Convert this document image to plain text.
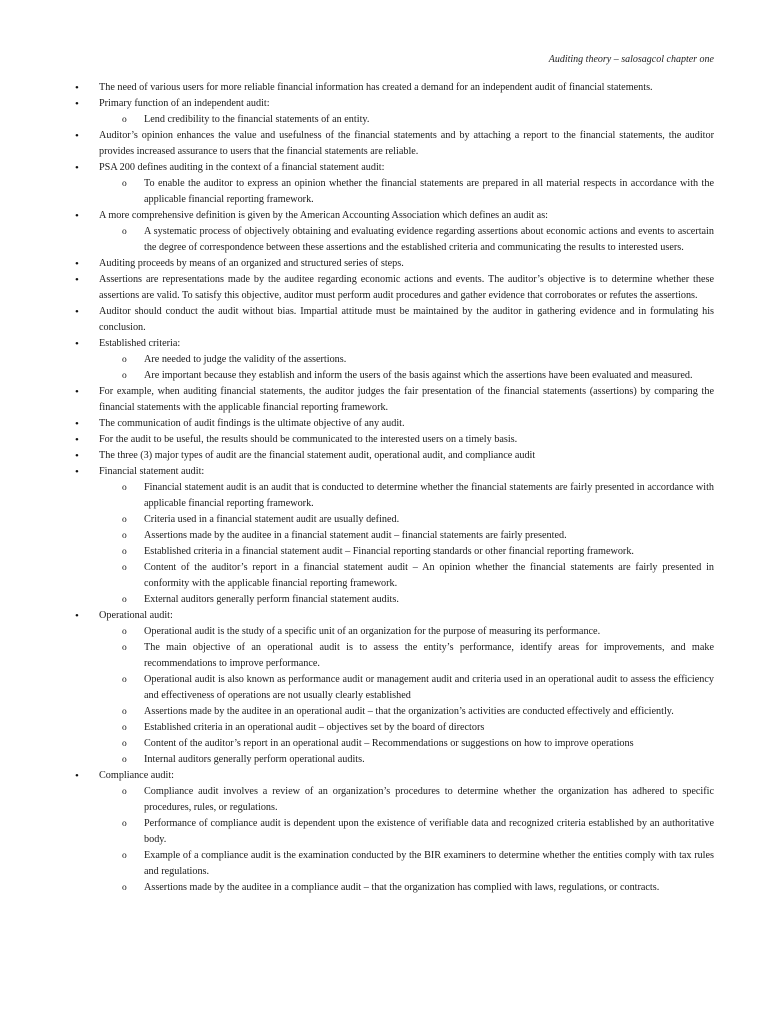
Auditing theory – salosagcol chapter one
• The need of various users for more reliable financial information has created a demand for an independent audit of financial statements.
• Primary function of an independent audit:
o Lend credibility to the financial statements of an entity.
• Auditor’s opinion enhances the value and usefulness of the financial statements and by attaching a report to the financial statements, the auditor provides increased assurance to users that the financial statements are reliable.
• PSA 200 defines auditing in the context of a financial statement audit:
o To enable the auditor to express an opinion whether the financial statements are prepared in all material respects in accordance with the applicable financial reporting framework.
• A more comprehensive definition is given by the American Accounting Association which defines an audit as:
o A systematic process of objectively obtaining and evaluating evidence regarding assertions about economic actions and events to ascertain the degree of correspondence between these assertions and the established criteria and communicating the results to interested users.
• Auditing proceeds by means of an organized and structured series of steps.
• Assertions are representations made by the auditee regarding economic actions and events. The auditor’s objective is to determine whether these assertions are valid. To satisfy this objective, auditor must perform audit procedures and gather evidence that corroborates or refutes the assertions.
• Auditor should conduct the audit without bias. Impartial attitude must be maintained by the auditor in gathering evidence and in formulating his conclusion.
• Established criteria:
o Are needed to judge the validity of the assertions.
o Are important because they establish and inform the users of the basis against which the assertions have been evaluated and measured.
• For example, when auditing financial statements, the auditor judges the fair presentation of the financial statements (assertions) by comparing the financial statements with the applicable financial reporting framework.
• The communication of audit findings is the ultimate objective of any audit.
• For the audit to be useful, the results should be communicated to the interested users on a timely basis.
• The three (3) major types of audit are the financial statement audit, operational audit, and compliance audit
• Financial statement audit:
o Financial statement audit is an audit that is conducted to determine whether the financial statements are fairly presented in accordance with applicable financial reporting framework.
o Criteria used in a financial statement audit are usually defined.
o Assertions made by the auditee in a financial statement audit – financial statements are fairly presented.
o Established criteria in a financial statement audit – Financial reporting standards or other financial reporting framework.
o Content of the auditor’s report in a financial statement audit – An opinion whether the financial statements are fairly presented in conformity with the applicable financial reporting framework.
o External auditors generally perform financial statement audits.
• Operational audit:
o Operational audit is the study of a specific unit of an organization for the purpose of measuring its performance.
o The main objective of an operational audit is to assess the entity’s performance, identify areas for improvements, and make recommendations to improve performance.
o Operational audit is also known as performance audit or management audit and criteria used in an operational audit to assess the efficiency and effectiveness of operations are not usually clearly established
o Assertions made by the auditee in an operational audit – that the organization’s activities are conducted effectively and efficiently.
o Established criteria in an operational audit – objectives set by the board of directors
o Content of the auditor’s report in an operational audit – Recommendations or suggestions on how to improve operations
o Internal auditors generally perform operational audits.
• Compliance audit:
o Compliance audit involves a review of an organization’s procedures to determine whether the organization has adhered to specific procedures, rules, or regulations.
o Performance of compliance audit is dependent upon the existence of verifiable data and recognized criteria established by an authoritative body.
o Example of a compliance audit is the examination conducted by the BIR examiners to determine whether the entities comply with tax rules and regulations.
o Assertions made by the auditee in a compliance audit – that the organization has complied with laws, regulations, or contracts.
